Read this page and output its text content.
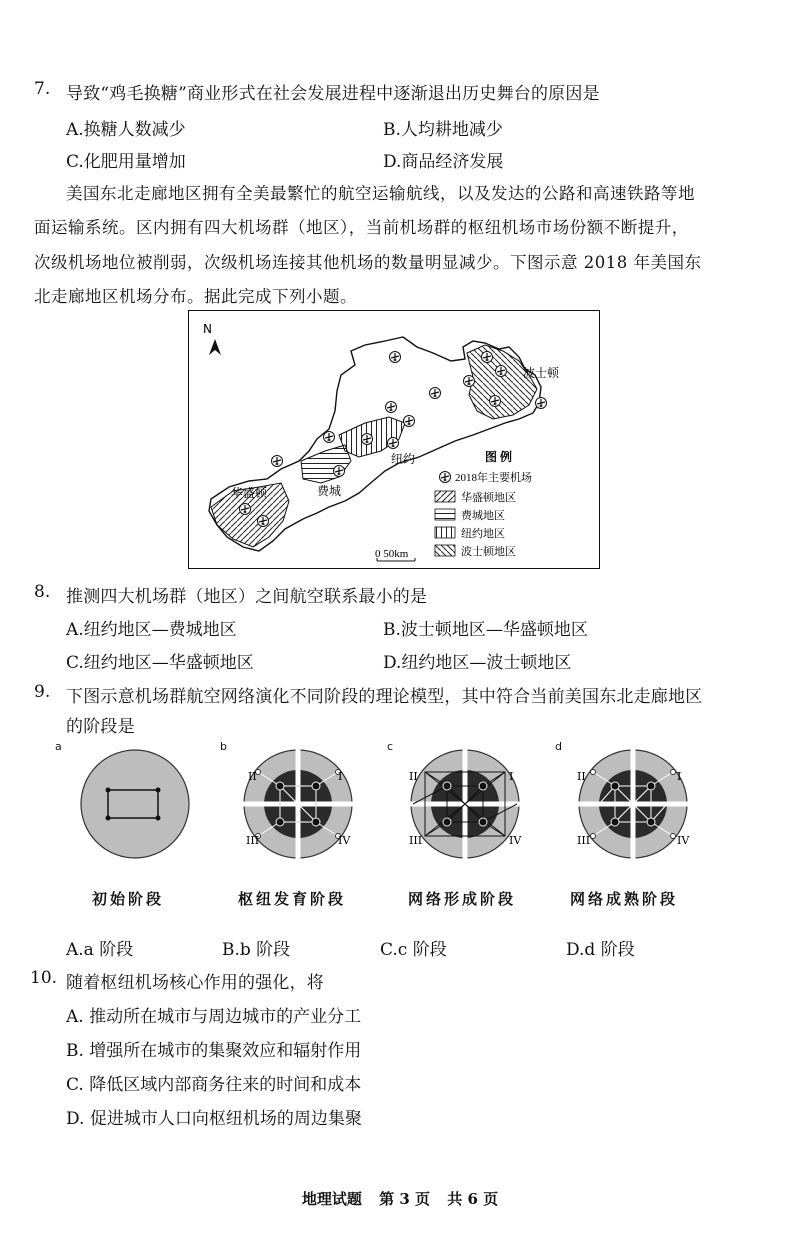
7. 导致“鸡毛换糖”商业形式在社会发展进程中逐渐退出历史舞台的原因是
A.换糖人数减少	B.人均耕地减少
C.化肥用量增加	D.商品经济发展
美国东北走廊地区拥有全美最繁忙的航空运输航线，以及发达的公路和高速铁路等地
面运输系统。区内拥有四大机场群（地区），当前机场群的枢纽机场市场份额不断提升，
次级机场地位被削弱，次级机场连接其他机场的数量明显减少。下图示意 2018 年美国东
北走廊地区机场分布。据此完成下列小题。
N
波士顿
纽约
费城
华盛顿
图 例
2018年主要机场
华盛顿地区
费城地区
纽约地区
波士顿地区
0 50km
8. 推测四大机场群（地区）之间航空联系最小的是
A.纽约地区—费城地区	B.波士顿地区—华盛顿地区
C.纽约地区—华盛顿地区	D.纽约地区—波士顿地区
9. 下图示意机场群航空网络演化不同阶段的理论模型，其中符合当前美国东北走廊地区
的阶段是
a	b
II	I
III	IV
c
II	I
III	IV
d
II	I
III	IV
初始阶段	枢纽发育阶段	网络形成阶段	网络成熟阶段
A.a 阶段	B.b 阶段	C.c 阶段	D.d 阶段
10. 随着枢纽机场核心作用的强化，将
A. 推动所在城市与周边城市的产业分工
B. 增强所在城市的集聚效应和辐射作用
C. 降低区域内部商务往来的时间和成本
D. 促进城市人口向枢纽机场的周边集聚
地理试题 第 3 页 共 6 页
